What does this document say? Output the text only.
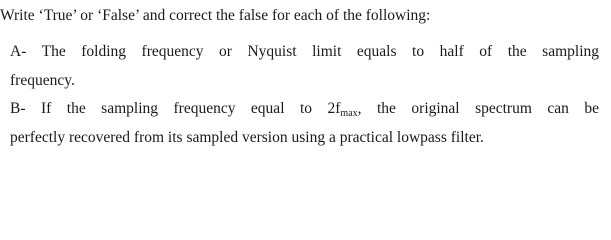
Write ‘True’ or ‘False’ and correct the false for each of the following:
A- The folding frequency or Nyquist limit equals to half of the sampling
frequency.
B- If the sampling frequency equal to $2f_{max}$, the original spectrum can be
perfectly recovered from its sampled version using a practical lowpass filter.
